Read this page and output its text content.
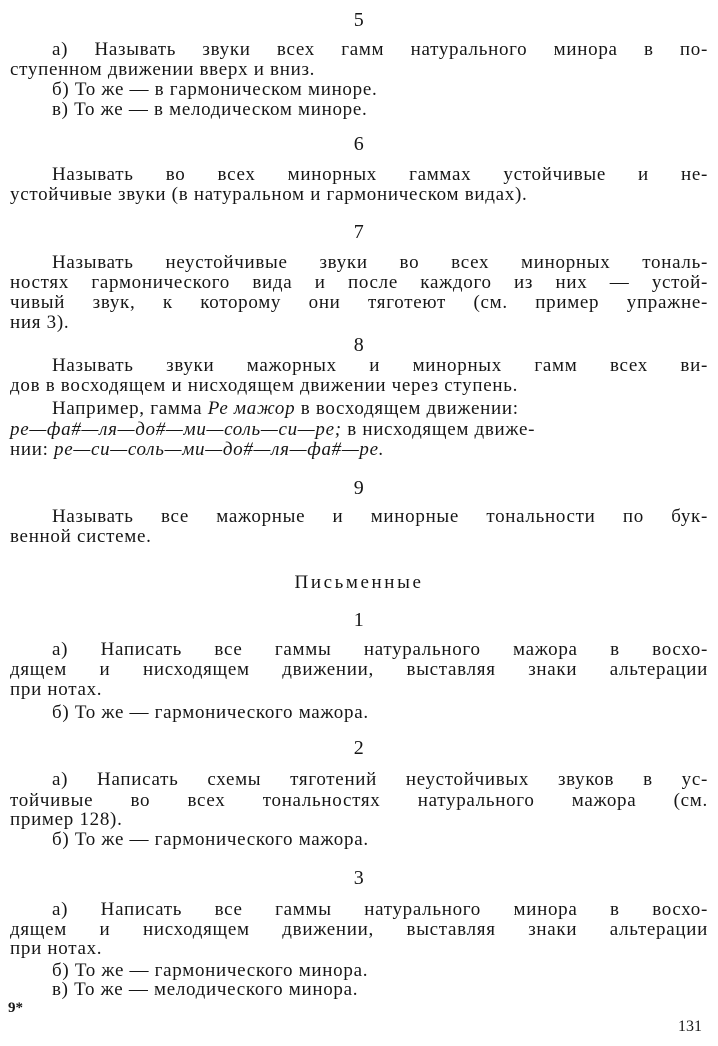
5
а) Называть звуки всех гамм натурального минора в по-
ступенном движении вверх и вниз.
б) То же — в гармоническом миноре.
в) То же — в мелодическом миноре.
6
Называть во всех минорных гаммах устойчивые и не-
устойчивые звуки (в натуральном и гармоническом видах).
7
Называть неустойчивые звуки во всех минорных тональ-
ностях гармонического вида и после каждого из них — устой-
чивый звук, к которому они тяготеют (см. пример упражне-
ния 3).
8
Называть звуки мажорных и минорных гамм всех ви-
дов в восходящем и нисходящем движении через ступень.
Например, гамма Ре мажор в восходящем движении:
ре—фа#—ля—до#—ми—соль—си—ре; в нисходящем движе-
нии: ре—си—соль—ми—до#—ля—фа#—ре.
9
Называть все мажорные и минорные тональности по бук-
венной системе.
Письменные
1
а) Написать все гаммы натурального мажора в восхо-
дящем и нисходящем движении, выставляя знаки альтерации
при нотах.
б) То же — гармонического мажора.
2
а) Написать схемы тяготений неустойчивых звуков в ус-
тойчивые во всех тональностях натурального мажора (см.
пример 128).
б) То же — гармонического мажора.
3
а) Написать все гаммы натурального минора в восхо-
дящем и нисходящем движении, выставляя знаки альтерации
при нотах.
б) То же — гармонического минора.
в) То же — мелодического минора.
9*
131
